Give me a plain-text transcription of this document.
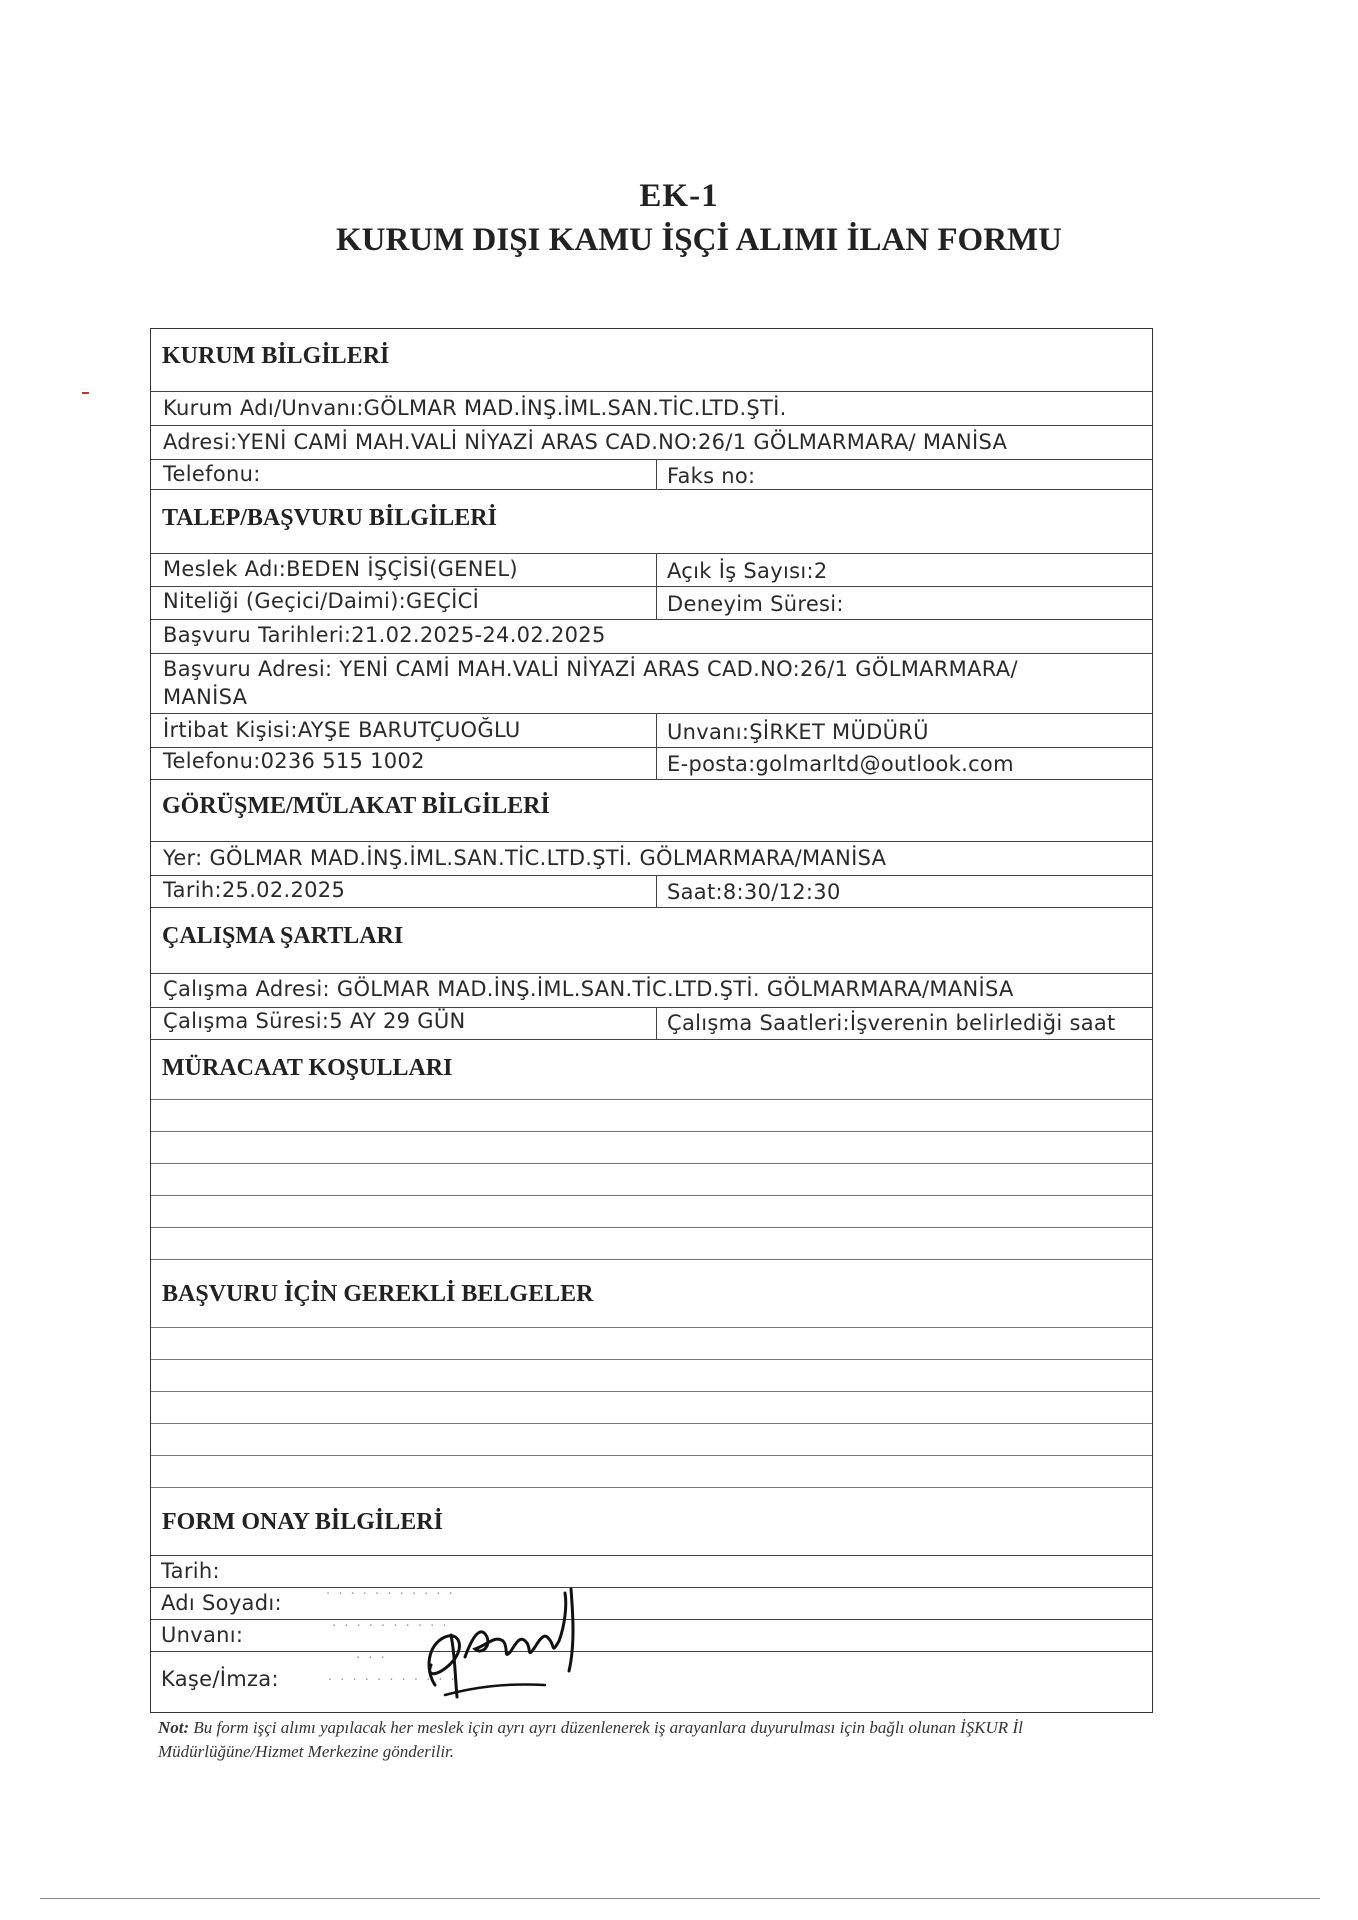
EK-1
KURUM DIŞI KAMU İŞÇİ ALIMI İLAN FORMU
KURUM BİLGİLERİ
Kurum Adı/Unvanı:GÖLMAR MAD.İNŞ.İML.SAN.TİC.LTD.ŞTİ.
Adresi:YENİ CAMİ MAH.VALİ NİYAZİ ARAS CAD.NO:26/1 GÖLMARMARA/ MANİSA
Telefonu:	Faks no:
TALEP/BAŞVURU BİLGİLERİ
Meslek Adı:BEDEN İŞÇİSİ(GENEL)	Açık İş Sayısı:2
Niteliği (Geçici/Daimi):GEÇİCİ	Deneyim Süresi:
Başvuru Tarihleri:21.02.2025-24.02.2025
Başvuru Adresi: YENİ CAMİ MAH.VALİ NİYAZİ ARAS CAD.NO:26/1 GÖLMARMARA/
MANİSA
İrtibat Kişisi:AYŞE BARUTÇUOĞLU	Unvanı:ŞİRKET MÜDÜRÜ
Telefonu:0236 515 1002	E-posta:golmarltd@outlook.com
GÖRÜŞME/MÜLAKAT BİLGİLERİ
Yer: GÖLMAR MAD.İNŞ.İML.SAN.TİC.LTD.ŞTİ. GÖLMARMARA/MANİSA
Tarih:25.02.2025	Saat:8:30/12:30
ÇALIŞMA ŞARTLARI
Çalışma Adresi: GÖLMAR MAD.İNŞ.İML.SAN.TİC.LTD.ŞTİ. GÖLMARMARA/MANİSA
Çalışma Süresi:5 AY 29 GÜN	Çalışma Saatleri:İşverenin belirlediği saat
MÜRACAAT KOŞULLARI
BAŞVURU İÇİN GEREKLİ BELGELER
FORM ONAY BİLGİLERİ
Tarih:
Adı Soyadı:
Unvanı:
Kaşe/İmza:
· · · · · · · · · · ·
· · · · · · · · · ·
· · ·
· · · · · · · · · · ·
Not: Bu form işçi alımı yapılacak her meslek için ayrı ayrı düzenlenerek iş arayanlara duyurulması için bağlı olunan İŞKUR İl Müdürlüğüne/Hizmet Merkezine gönderilir.
